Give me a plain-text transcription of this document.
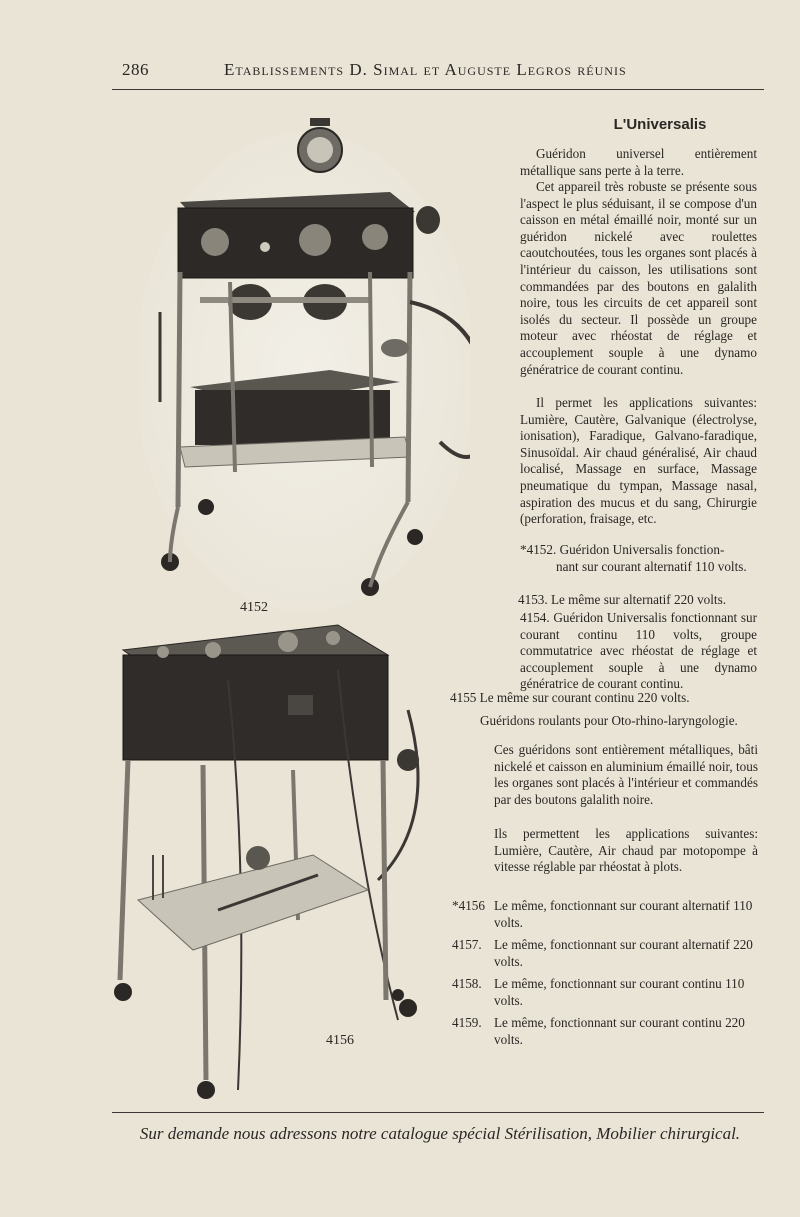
286	Etablissements D. Simal et Auguste Legros réunis
4152
4156
L'Universalis
Guéridon universel entièrement métallique sans perte à la terre.
Cet appareil très robuste se présente sous l'aspect le plus séduisant, il se compose d'un caisson en métal émaillé noir, monté sur un guéridon nickelé avec roulettes caoutchoutées, tous les organes sont placés à l'intérieur du caisson, les utilisations sont commandées par des boutons en galalith noire, tous les circuits de cet appareil sont isolés du secteur. Il possède un groupe moteur avec rhéostat de réglage et accouplement souple à une dynamo génératrice de courant continu.
Il permet les applications suivantes: Lumière, Cautère, Galvanique (électrolyse, ionisation), Faradique, Galvano-faradique, Sinusoïdal. Air chaud généralisé, Air chaud localisé, Massage en surface, Massage pneumatique du tympan, Massage nasal, aspiration des mucus et du sang, Chirurgie (perforation, fraisage, etc.
*4152. Guéridon Universalis fonction-
nant sur courant alternatif 110 volts.
4153. Le même sur alternatif 220 volts.
4154. Guéridon Universalis fonctionnant sur courant continu 110 volts, groupe commutatrice avec rhéostat de réglage et accouplement souple à une dynamo génératrice de courant continu.
4155 Le même sur courant continu 220 volts.
Guéridons roulants pour Oto-rhino-laryngologie.
Ces guéridons sont entièrement métalliques, bâti nickelé et caisson en aluminium émaillé noir, tous les organes sont placés à l'intérieur et commandés par des boutons galalith noire.
Ils permettent les applications suivantes: Lumière, Cautère, Air chaud par motopompe à vitesse réglable par rhéostat à plots.
*4156 Le même, fonctionnant sur courant alternatif 110 volts.
4157. Le même, fonctionnant sur courant alternatif 220 volts.
4158. Le même, fonctionnant sur courant continu 110 volts.
4159. Le même, fonctionnant sur courant continu 220 volts.
Sur demande nous adressons notre catalogue spécial Stérilisation, Mobilier chirurgical.
